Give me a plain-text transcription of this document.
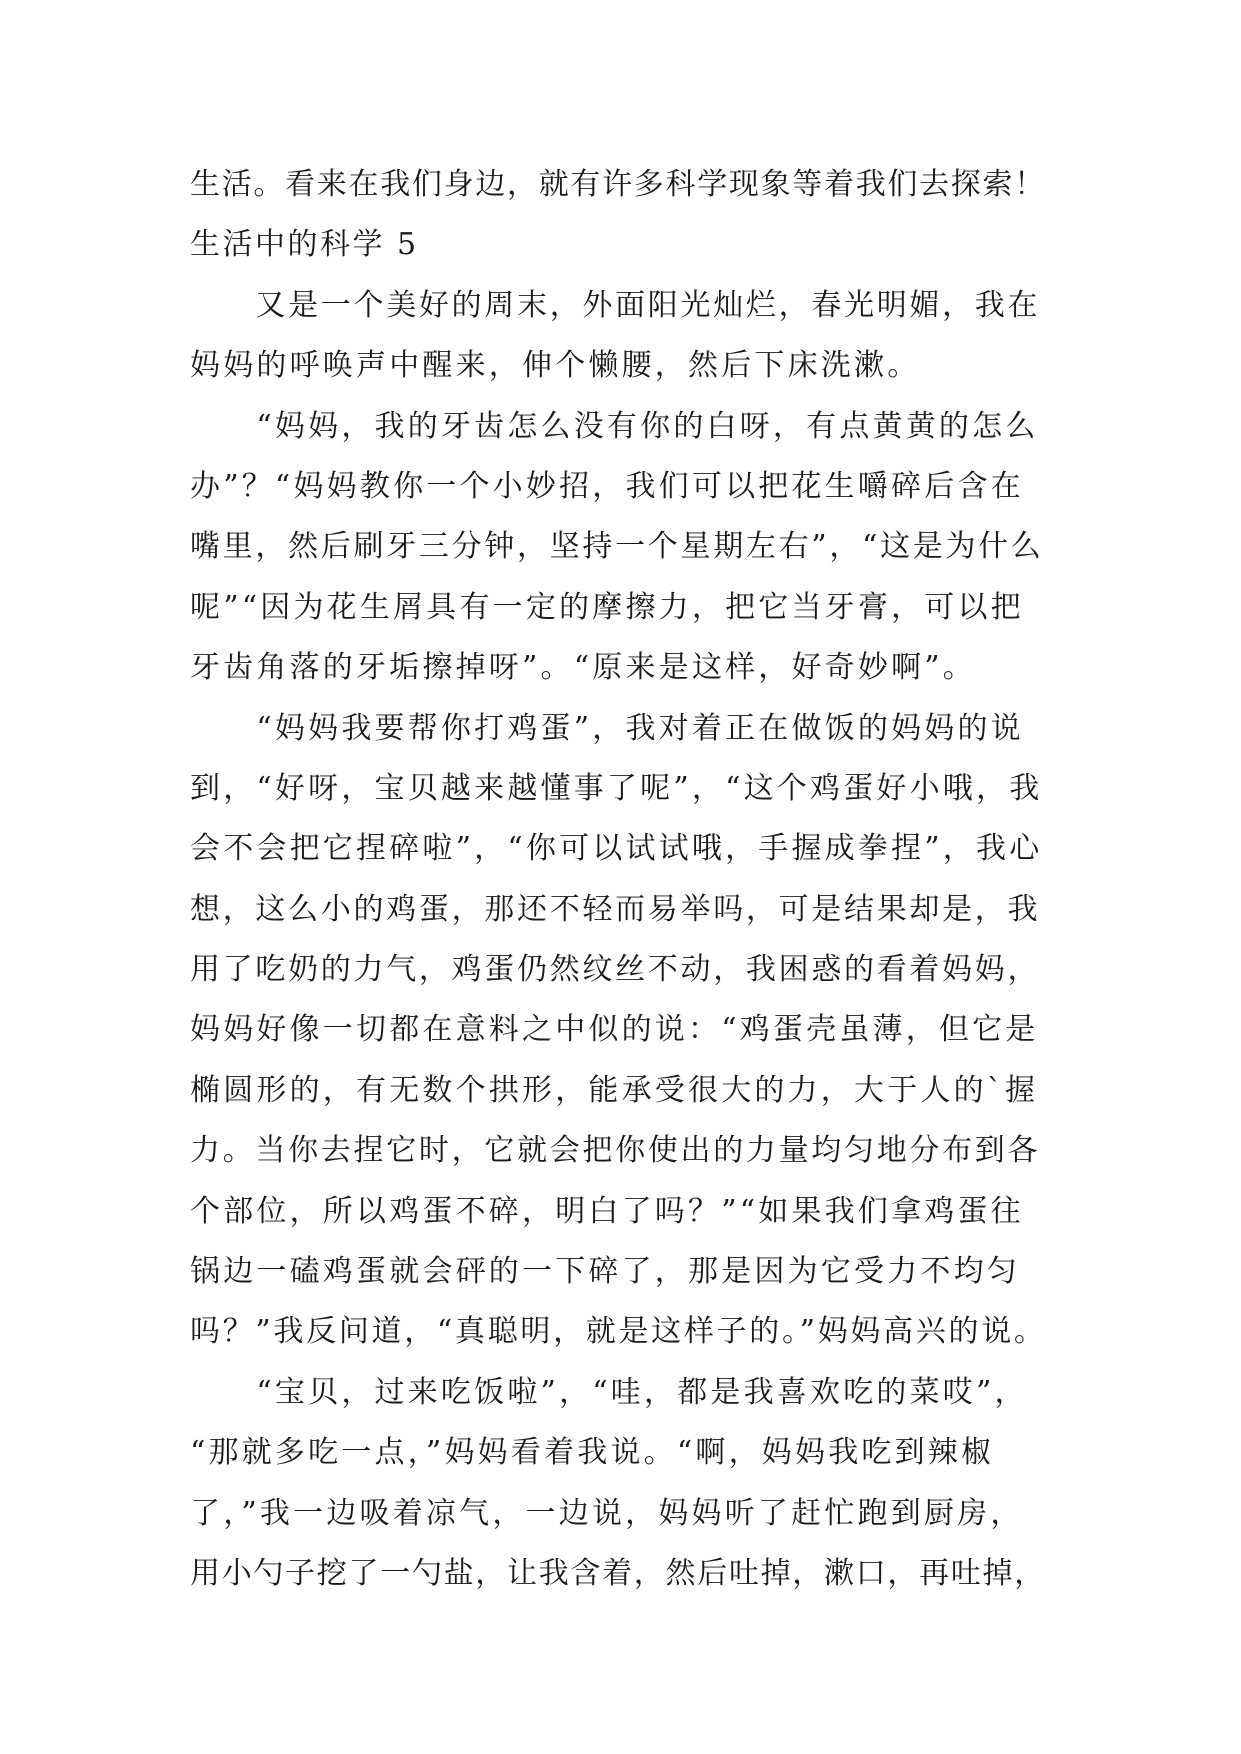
生活。看来在我们身边，就有许多科学现象等着我们去探索！
生活中的科学 5
　　又是一个美好的周末，外面阳光灿烂，春光明媚，我在
妈妈的呼唤声中醒来，伸个懒腰，然后下床洗漱。
　　“妈妈，我的牙齿怎么没有你的白呀，有点黄黄的怎么
办”？“妈妈教你一个小妙招，我们可以把花生嚼碎后含在
嘴里，然后刷牙三分钟，坚持一个星期左右”，“这是为什么
呢”“因为花生屑具有一定的摩擦力，把它当牙膏，可以把
牙齿角落的牙垢擦掉呀”。“原来是这样，好奇妙啊”。
　　“妈妈我要帮你打鸡蛋”，我对着正在做饭的妈妈的说
到，“好呀，宝贝越来越懂事了呢”，“这个鸡蛋好小哦，我
会不会把它捏碎啦”，“你可以试试哦，手握成拳捏”，我心
想，这么小的鸡蛋，那还不轻而易举吗，可是结果却是，我
用了吃奶的力气，鸡蛋仍然纹丝不动，我困惑的看着妈妈，
妈妈好像一切都在意料之中似的说：“鸡蛋壳虽薄，但它是
椭圆形的，有无数个拱形，能承受很大的力，大于人的`握
力。当你去捏它时，它就会把你使出的力量均匀地分布到各
个部位，所以鸡蛋不碎，明白了吗？”“如果我们拿鸡蛋往
锅边一磕鸡蛋就会砰的一下碎了，那是因为它受力不均匀
吗？”我反问道，“真聪明，就是这样子的。”妈妈高兴的说。
　　“宝贝，过来吃饭啦”，“哇，都是我喜欢吃的菜哎”，
“那就多吃一点，”妈妈看着我说。“啊，妈妈我吃到辣椒
了，”我一边吸着凉气，一边说，妈妈听了赶忙跑到厨房，
用小勺子挖了一勺盐，让我含着，然后吐掉，漱口，再吐掉，
